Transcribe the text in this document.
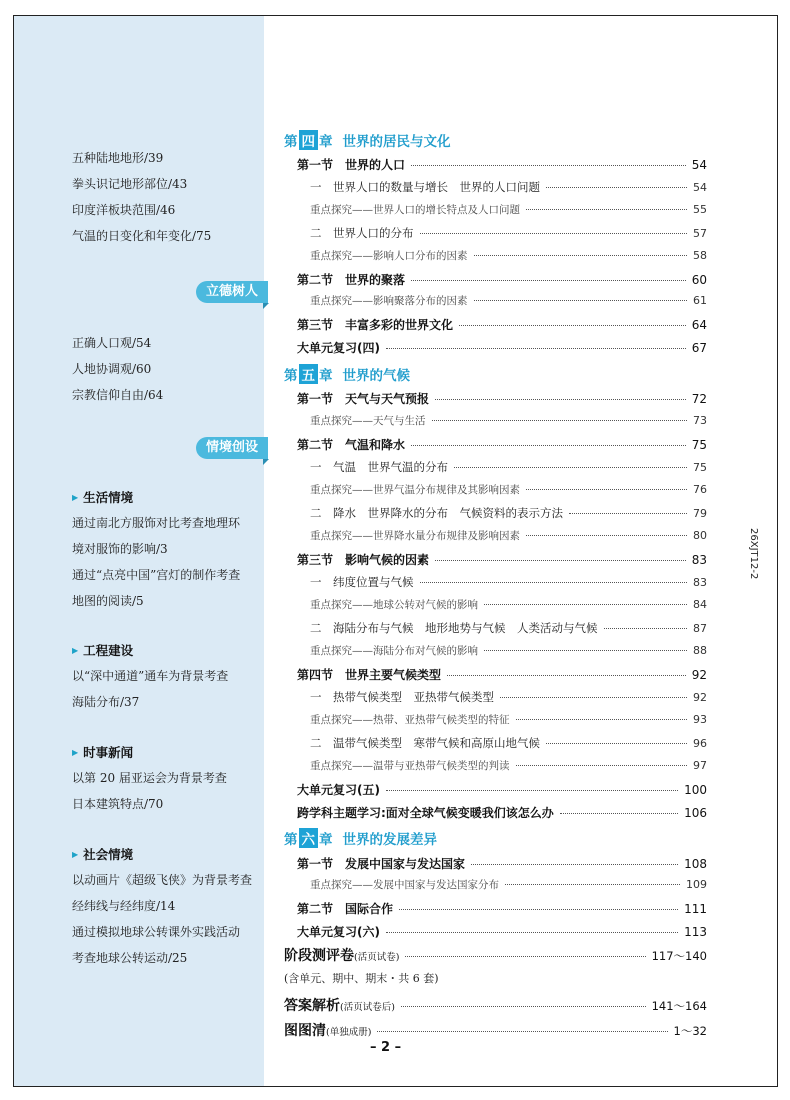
五种陆地地形/39
拳头识记地形部位/43
印度洋板块范围/46
气温的日变化和年变化/75
立德树人
正确人口观/54
人地协调观/60
宗教信仰自由/64
情境创设
▶ 生活情境
通过南北方服饰对比考查地理环
境对服饰的影响/3
通过“点亮中国”宫灯的制作考查
地图的阅读/5
▶ 工程建设
以“深中通道”通车为背景考查
海陆分布/37
▶ 时事新闻
以第 20 届亚运会为背景考查
日本建筑特点/70
▶ 社会情境
以动画片《超级飞侠》为背景考查
经纬线与经纬度/14
通过模拟地球公转课外实践活动
考查地球公转运动/25
第 四 章 世界的居民与文化
第一节　世界的人口	54
一　世界人口的数量与增长　世界的人口问题	54
重点探究——世界人口的增长特点及人口问题	55
二　世界人口的分布	57
重点探究——影响人口分布的因素	58
第二节　世界的聚落	60
重点探究——影响聚落分布的因素	61
第三节　丰富多彩的世界文化	64
大单元复习(四)	67
第 五 章 世界的气候
第一节　天气与天气预报	72
重点探究——天气与生活	73
第二节　气温和降水	75
一　气温　世界气温的分布	75
重点探究——世界气温分布规律及其影响因素	76
二　降水　世界降水的分布　气候资料的表示方法	79
重点探究——世界降水量分布规律及影响因素	80
第三节　影响气候的因素	83
一　纬度位置与气候	83
重点探究——地球公转对气候的影响	84
二　海陆分布与气候　地形地势与气候　人类活动与气候	87
重点探究——海陆分布对气候的影响	88
第四节　世界主要气候类型	92
一　热带气候类型　亚热带气候类型	92
重点探究——热带、亚热带气候类型的特征	93
二　温带气候类型　寒带气候和高原山地气候	96
重点探究——温带与亚热带气候类型的判读	97
大单元复习(五)	100
跨学科主题学习:面对全球气候变暖我们该怎么办	106
第 六 章 世界的发展差异
第一节　发展中国家与发达国家	108
重点探究——发展中国家与发达国家分布	109
第二节　国际合作	111
大单元复习(六)	113
阶段测评卷(活页试卷)	117～140
(含单元、期中、期末・共 6 套)
答案解析(活页试卷后)	141～164
图图清(单独成册)	1～32
– 2 –
26XJT12-2
